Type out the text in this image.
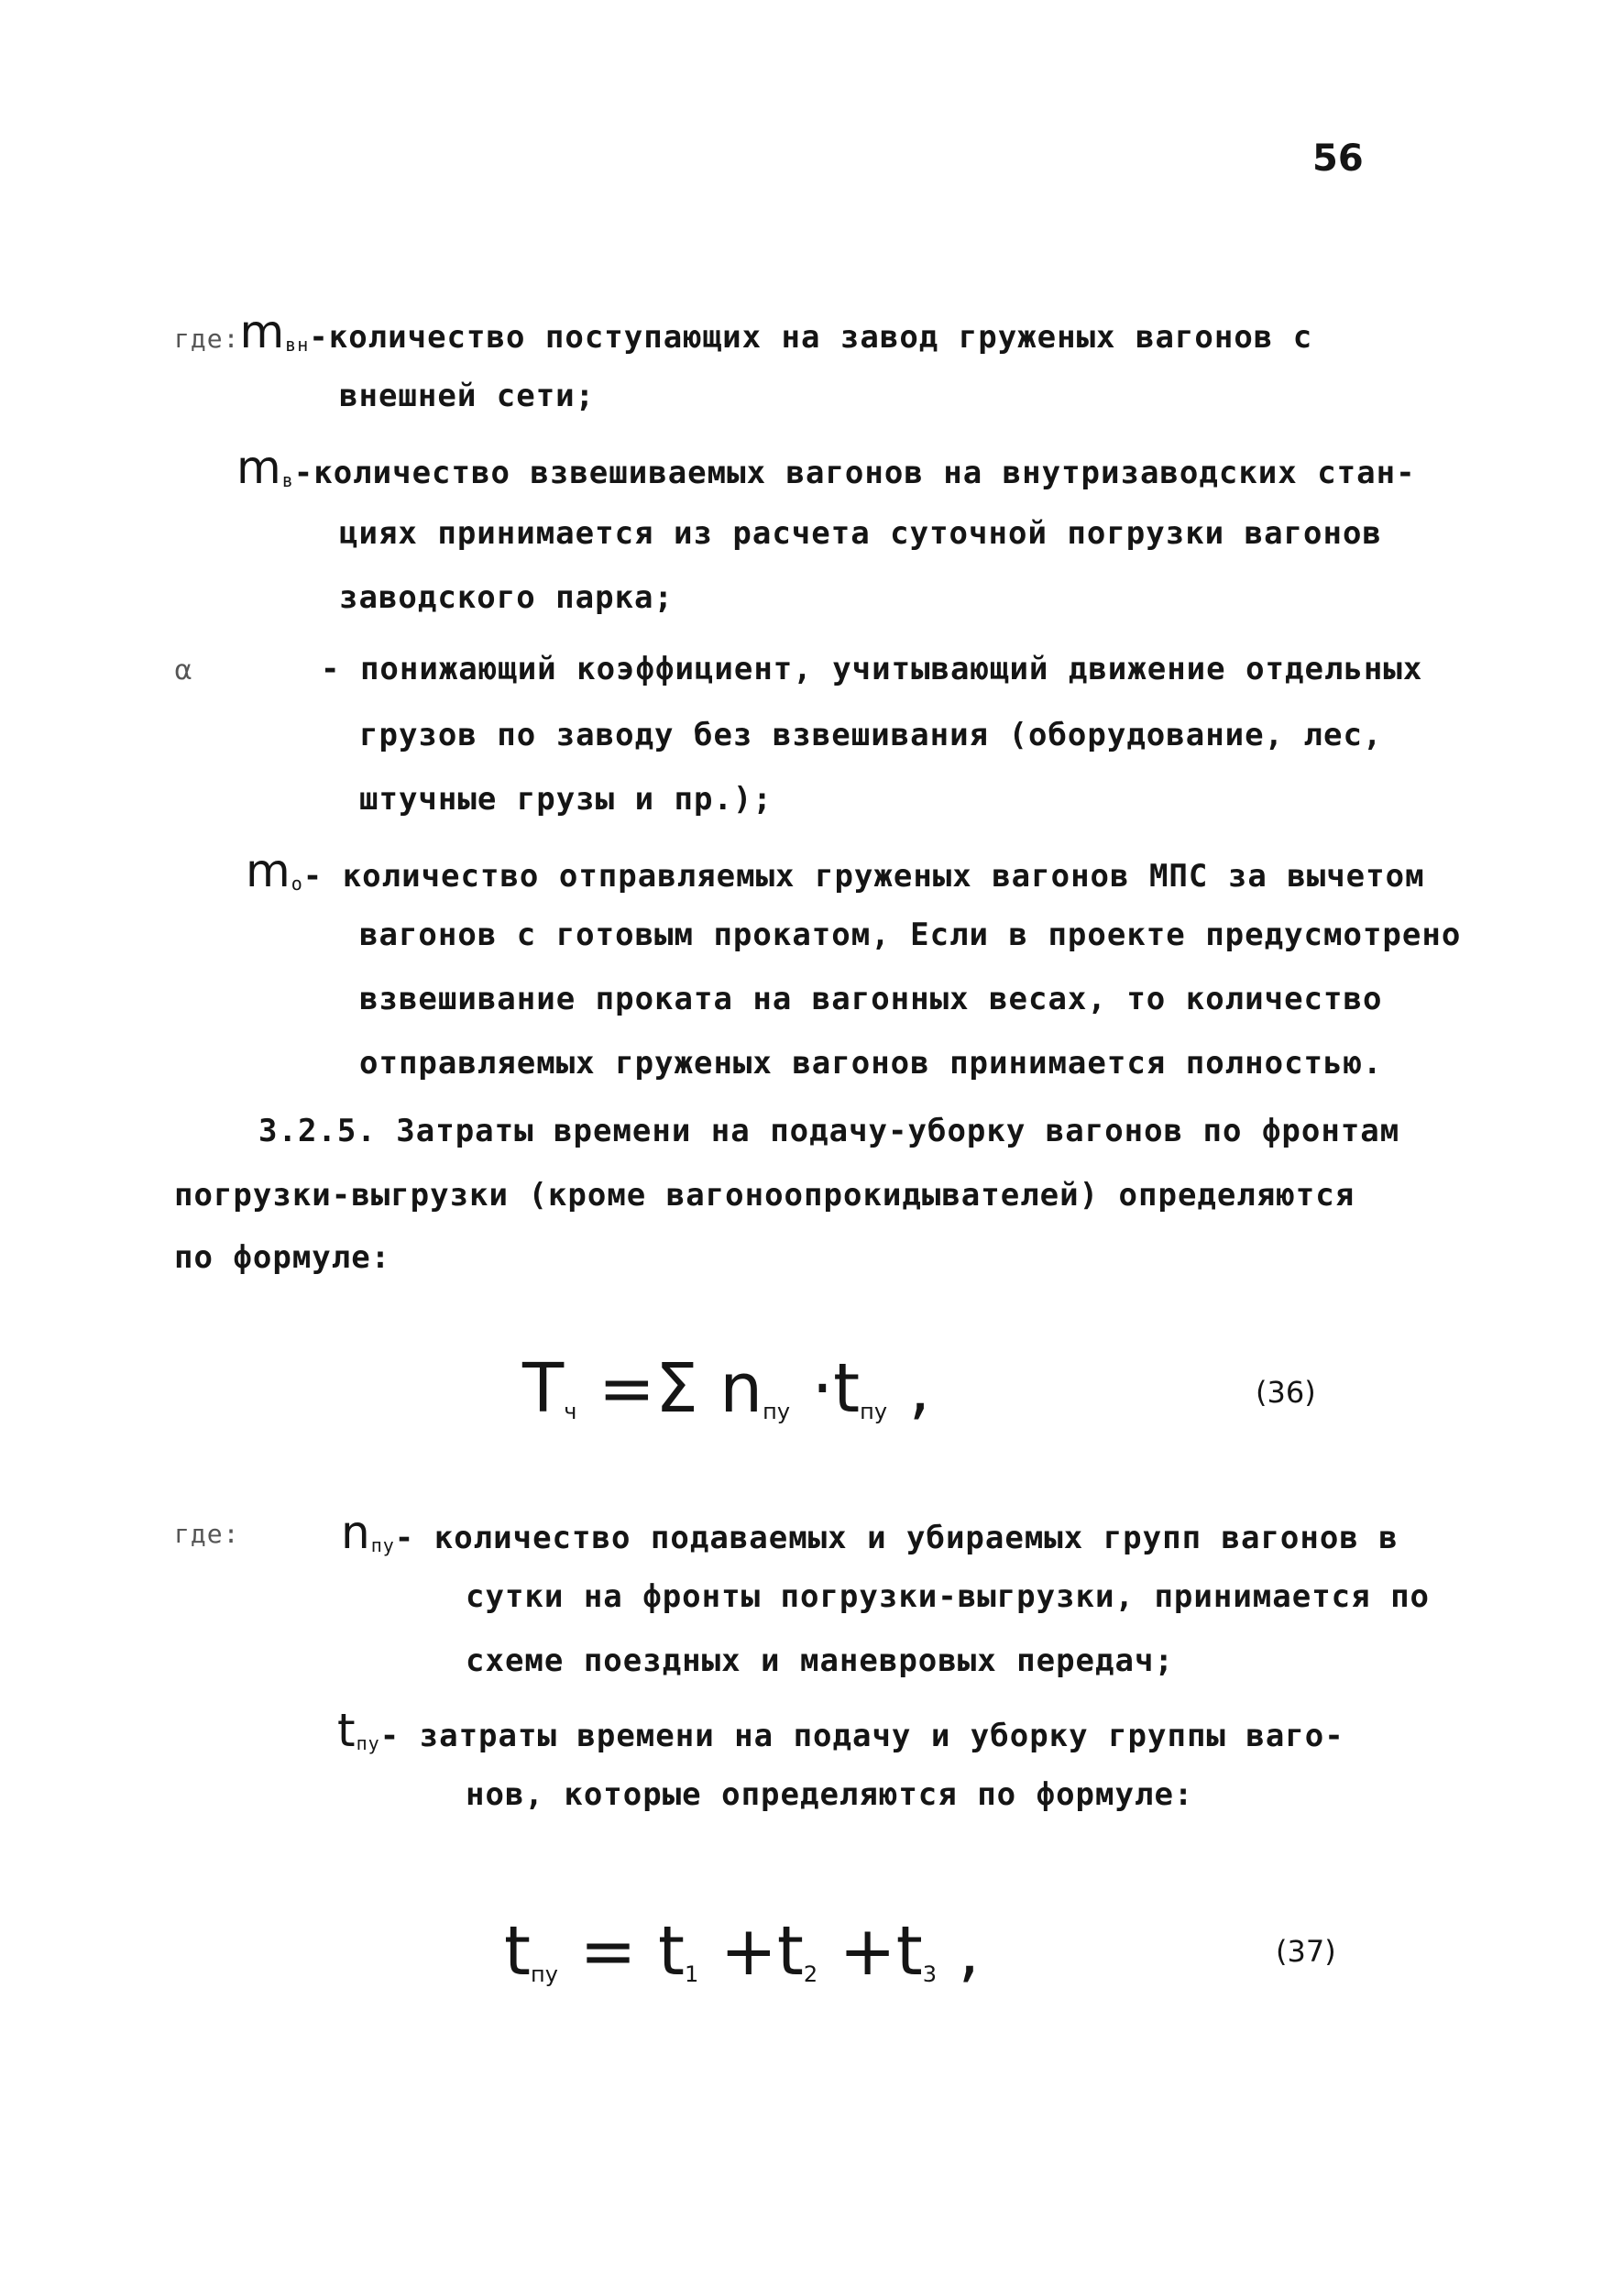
56
$где:m_{вн}$-количество поступающих на завод груженых вагонов с
внешней сети;
$m_в$-количество взвешиваемых вагонов на внутризаводских стан-
циях принимается из расчета суточной погрузки вагонов
заводского парка;
α	- понижающий коэффициент, учитывающий движение отдельных
грузов по заводу без взвешивания (оборудование, лес,
штучные грузы и пр.);
$m_о-$ количество отправляемых груженых вагонов МПС за вычетом
вагонов с готовым прокатом, Если в проекте предусмотрено
взвешивание проката на вагонных весах, то количество
отправляемых груженых вагонов принимается полностью.
3.2.5. Затраты времени на подачу-уборку вагонов по фронтам
погрузки-выгрузки (кроме вагоноопрокидывателей) определяются
по формуле:
Tч =Σ nпу ·tпу ,	(36)
где: $n_{пу}-$ количество подаваемых и убираемых групп вагонов в
сутки на фронты погрузки-выгрузки, принимается по
схеме поездных и маневровых передач;
$t_{пу}-$ затраты времени на подачу и уборку группы ваго-
нов, которые определяются по формуле:
tпу = t1 +t2 +t3 ,	(37)
